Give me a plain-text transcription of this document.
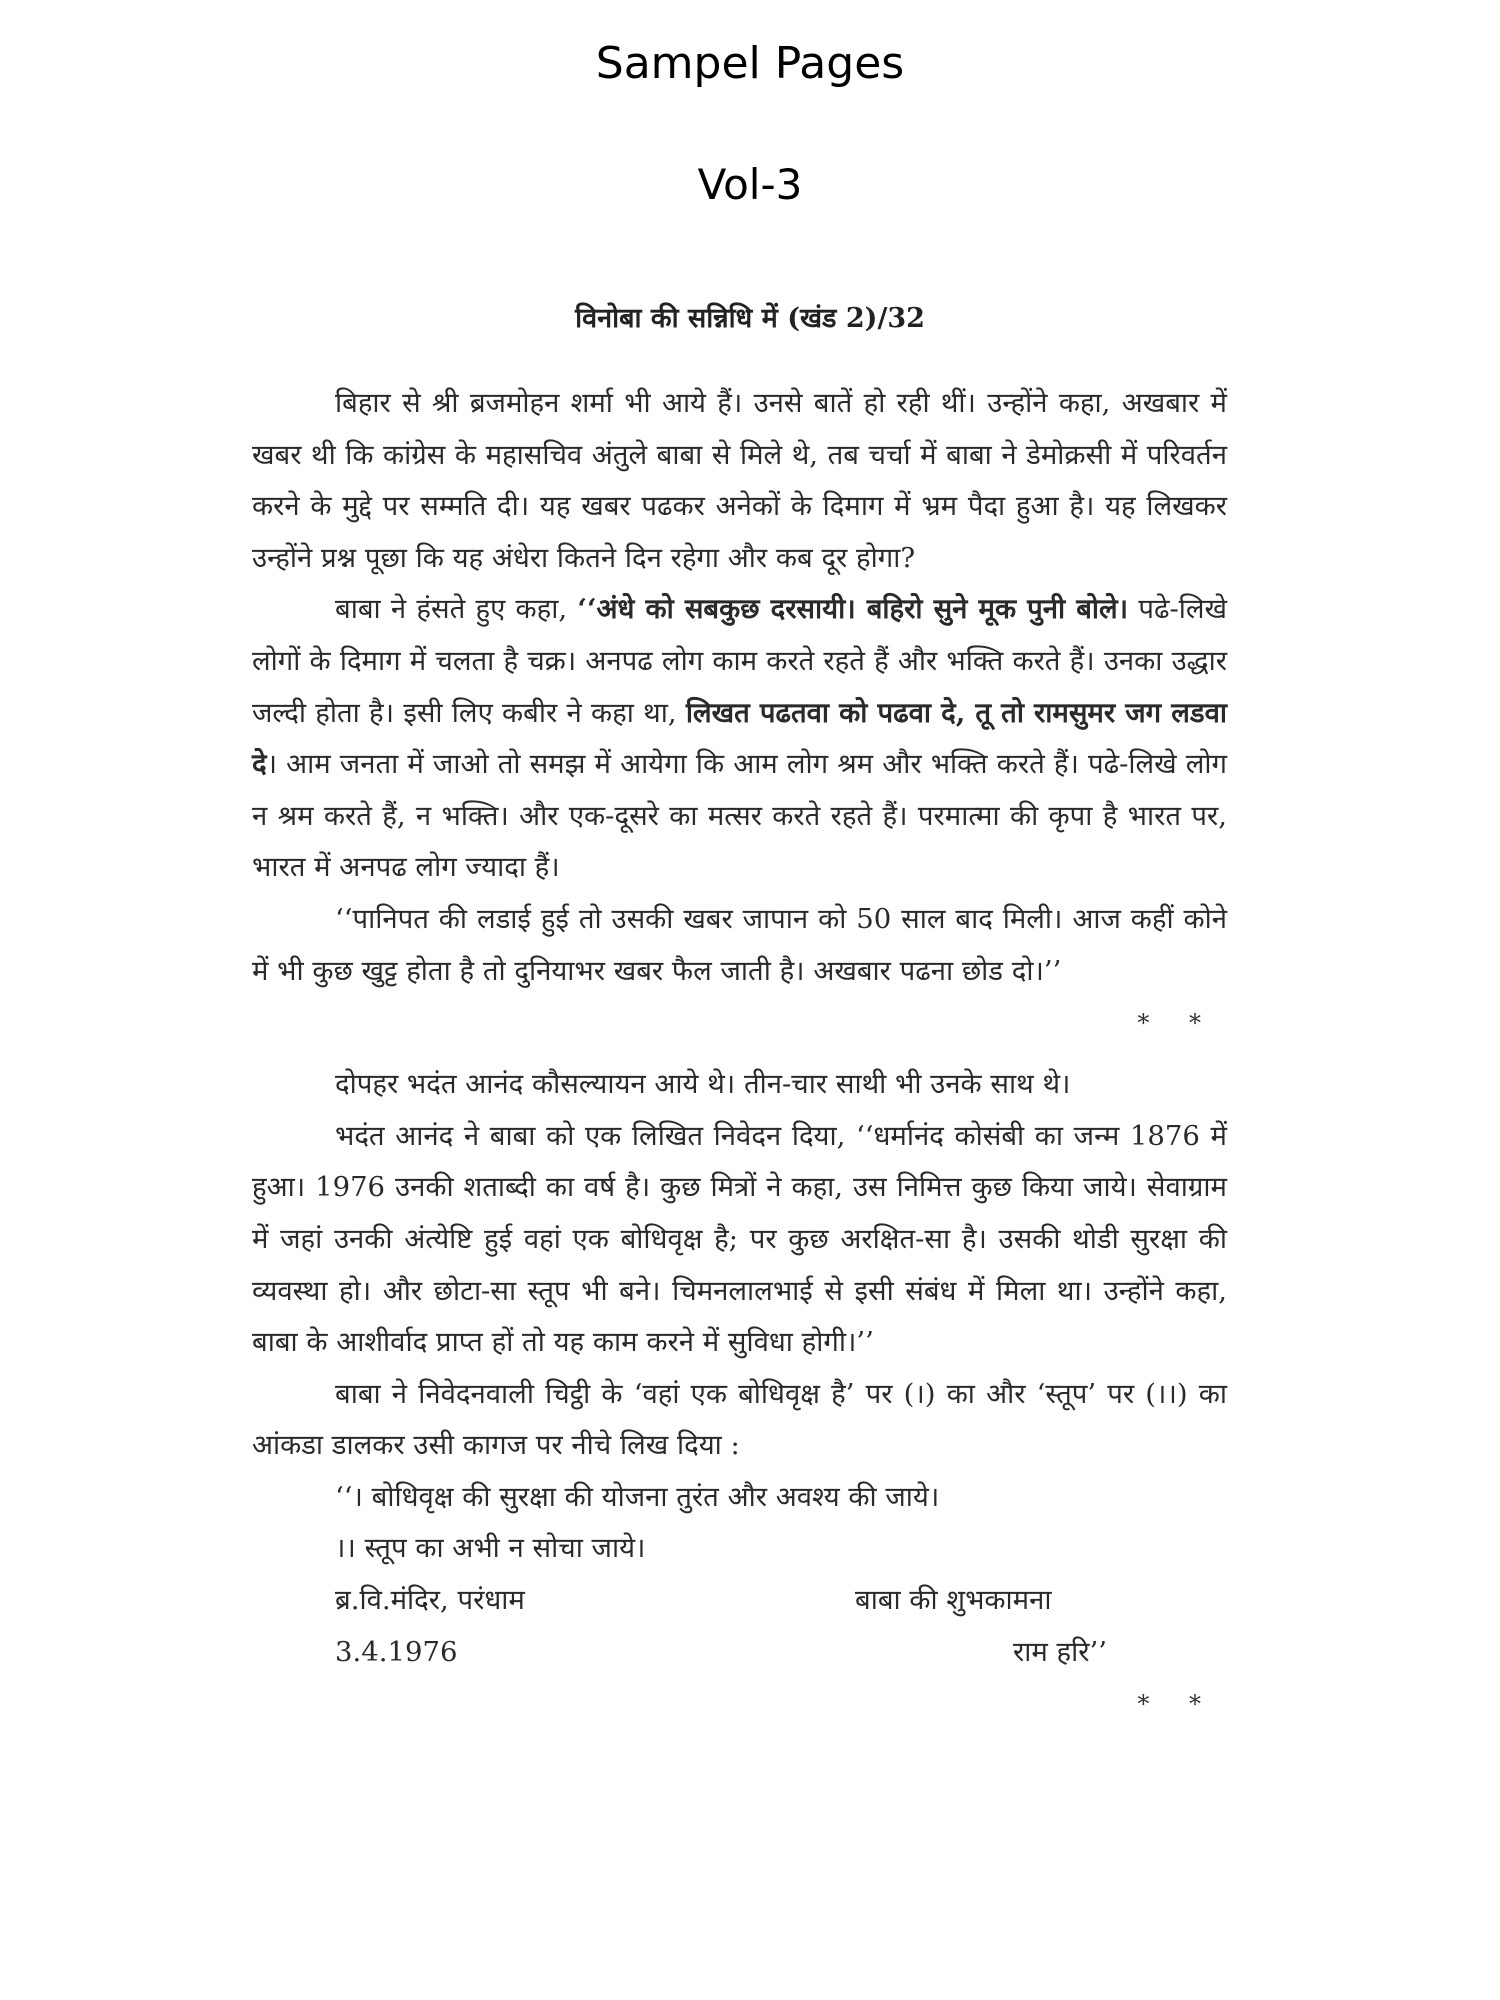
Sampel Pages
Vol-3
विनोबा की सन्निधि में (खंड 2)/32

बिहार से श्री ब्रजमोहन शर्मा भी आये हैं। उनसे बातें हो रही थीं। उन्होंने कहा, अखबार में खबर थी कि कांग्रेस के महासचिव अंतुले बाबा से मिले थे, तब चर्चा में बाबा ने डेमोक्रसी में परिवर्तन करने के मुद्दे पर सम्मति दी। यह खबर पढकर अनेकों के दिमाग में भ्रम पैदा हुआ है। यह लिखकर उन्होंने प्रश्न पूछा कि यह अंधेरा कितने दिन रहेगा और कब दूर होगा?

बाबा ने हंसते हुए कहा, ‘‘अंधे को सबकुछ दरसायी। बहिरो सुने मूक पुनी बोले। पढे-लिखे लोगों के दिमाग में चलता है चक्र। अनपढ लोग काम करते रहते हैं और भक्ति करते हैं। उनका उद्धार जल्दी होता है। इसी लिए कबीर ने कहा था, लिखत पढतवा को पढवा दे, तू तो रामसुमर जग लडवा दे। आम जनता में जाओ तो समझ में आयेगा कि आम लोग श्रम और भक्ति करते हैं। पढे-लिखे लोग न श्रम करते हैं, न भक्ति। और एक-दूसरे का मत्सर करते रहते हैं। परमात्मा की कृपा है भारत पर, भारत में अनपढ लोग ज्यादा हैं।

‘‘पानिपत की लडाई हुई तो उसकी खबर जापान को 50 साल बाद मिली। आज कहीं कोने में भी कुछ खुट्ट होता है तो दुनियाभर खबर फैल जाती है। अखबार पढना छोड दो।’’

* *

दोपहर भदंत आनंद कौसल्यायन आये थे। तीन-चार साथी भी उनके साथ थे।

भदंत आनंद ने बाबा को एक लिखित निवेदन दिया, ‘‘धर्मानंद कोसंबी का जन्म 1876 में हुआ। 1976 उनकी शताब्दी का वर्ष है। कुछ मित्रों ने कहा, उस निमित्त कुछ किया जाये। सेवाग्राम में जहां उनकी अंत्येष्टि हुई वहां एक बोधिवृक्ष है; पर कुछ अरक्षित-सा है। उसकी थोडी सुरक्षा की व्यवस्था हो। और छोटा-सा स्तूप भी बने। चिमनलालभाई से इसी संबंध में मिला था। उन्होंने कहा, बाबा के आशीर्वाद प्राप्त हों तो यह काम करने में सुविधा होगी।’’

बाबा ने निवेदनवाली चिट्ठी के ‘वहां एक बोधिवृक्ष है’ पर (।) का और ‘स्तूप’ पर (।।) का आंकडा डालकर उसी कागज पर नीचे लिख दिया :

‘‘। बोधिवृक्ष की सुरक्षा की योजना तुरंत और अवश्य की जाये।

।। स्तूप का अभी न सोचा जाये।

ब्र.वि.मंदिर, परंधाम	बाबा की शुभकामना
3.4.1976	राम हरि’’
* *
